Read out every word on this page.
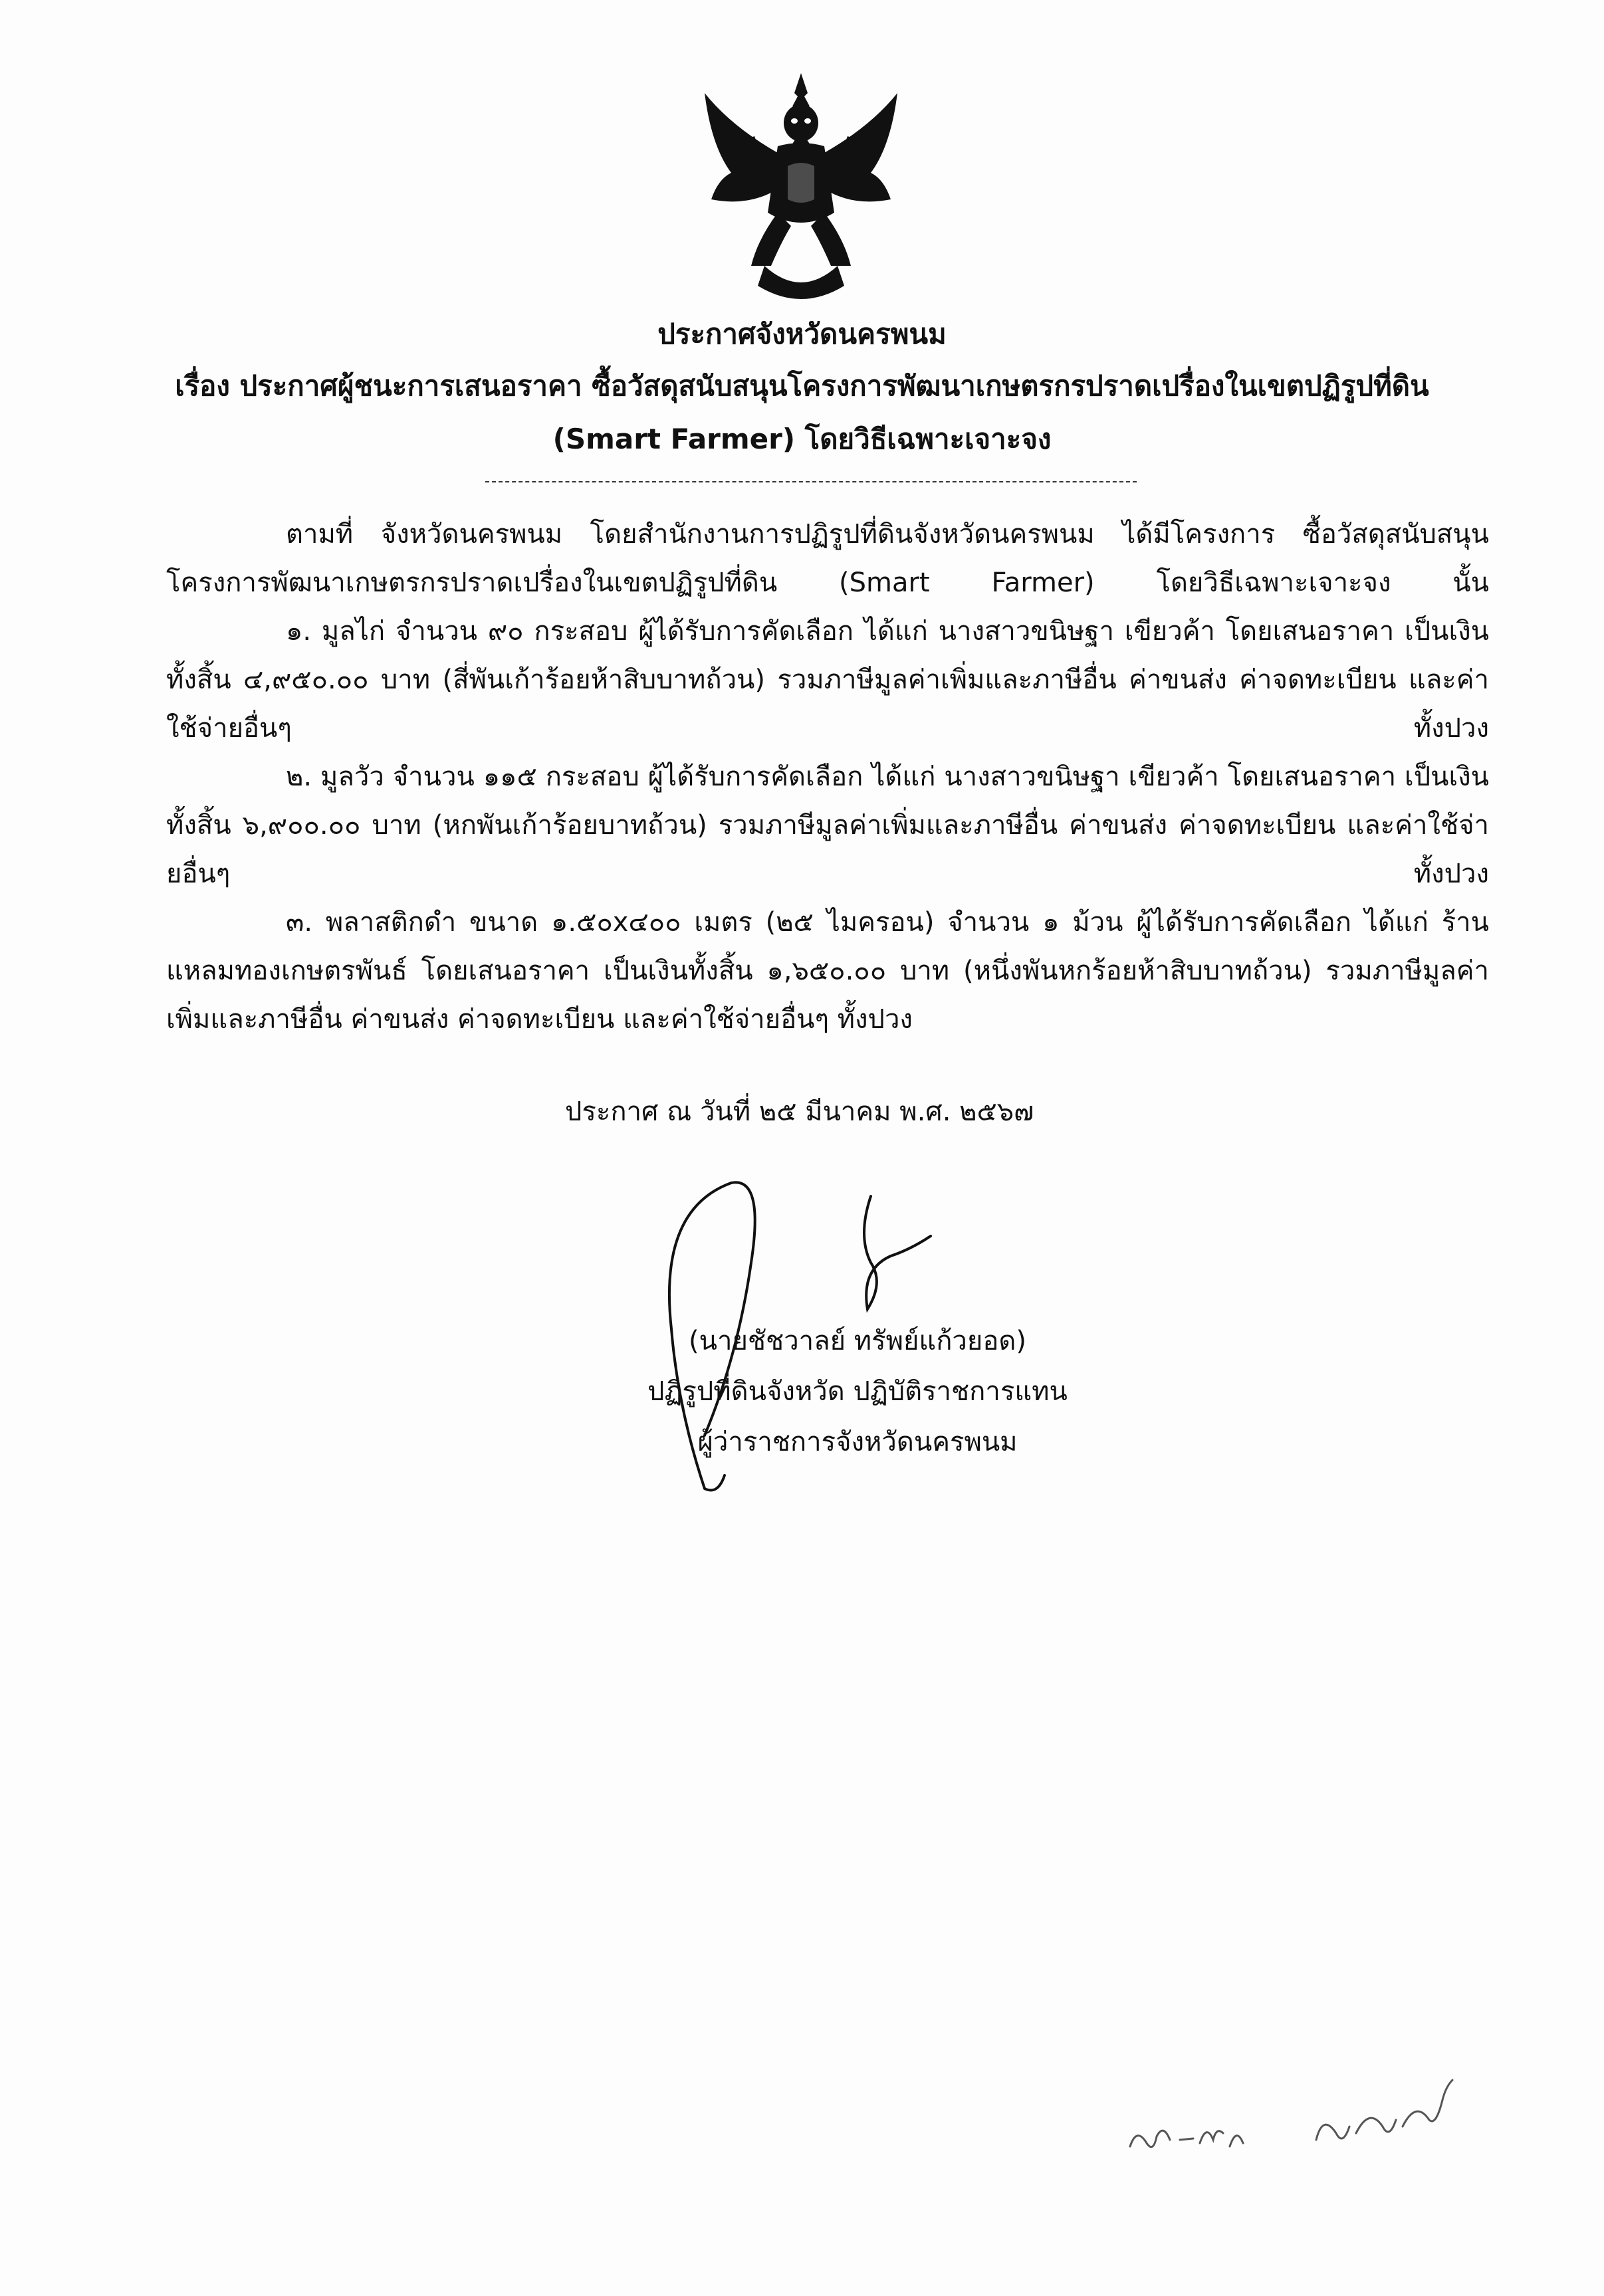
ประกาศจังหวัดนครพนม
เรื่อง ประกาศผู้ชนะการเสนอราคา ซื้อวัสดุสนับสนุนโครงการพัฒนาเกษตรกรปราดเปรื่องในเขตปฏิรูปที่ดิน
(Smart Farmer) โดยวิธีเฉพาะเจาะจง

ตามที่ จังหวัดนครพนม โดยสำนักงานการปฏิรูปที่ดินจังหวัดนครพนม ได้มีโครงการ ซื้อวัสดุสนับสนุนโครงการพัฒนาเกษตรกรปราดเปรื่องในเขตปฏิรูปที่ดิน (Smart Farmer) โดยวิธีเฉพาะเจาะจง นั้น

๑. มูลไก่ จำนวน ๙๐ กระสอบ ผู้ได้รับการคัดเลือก ได้แก่ นางสาวขนิษฐา เขียวค้า โดยเสนอราคา เป็นเงินทั้งสิ้น ๔,๙๕๐.๐๐ บาท (สี่พันเก้าร้อยห้าสิบบาทถ้วน) รวมภาษีมูลค่าเพิ่มและภาษีอื่น ค่าขนส่ง ค่าจดทะเบียน และค่าใช้จ่ายอื่นๆ ทั้งปวง

๒. มูลวัว จำนวน ๑๑๕ กระสอบ ผู้ได้รับการคัดเลือก ได้แก่ นางสาวขนิษฐา เขียวค้า โดยเสนอราคา เป็นเงินทั้งสิ้น ๖,๙๐๐.๐๐ บาท (หกพันเก้าร้อยบาทถ้วน) รวมภาษีมูลค่าเพิ่มและภาษีอื่น ค่าขนส่ง ค่าจดทะเบียน และค่าใช้จ่ายอื่นๆ ทั้งปวง

๓. พลาสติกดำ ขนาด ๑.๕๐x๔๐๐ เมตร (๒๕ ไมครอน) จำนวน ๑ ม้วน ผู้ได้รับการคัดเลือก ได้แก่ ร้านแหลมทองเกษตรพันธ์ โดยเสนอราคา เป็นเงินทั้งสิ้น ๑,๖๕๐.๐๐ บาท (หนึ่งพันหกร้อยห้าสิบบาทถ้วน) รวมภาษีมูลค่าเพิ่มและภาษีอื่น ค่าขนส่ง ค่าจดทะเบียน และค่าใช้จ่ายอื่นๆ ทั้งปวง

ประกาศ ณ วันที่ ๒๕ มีนาคม พ.ศ. ๒๕๖๗
(นายชัชวาลย์ ทรัพย์แก้วยอด)
ปฏิรูปที่ดินจังหวัด ปฏิบัติราชการแทน
ผู้ว่าราชการจังหวัดนครพนม
